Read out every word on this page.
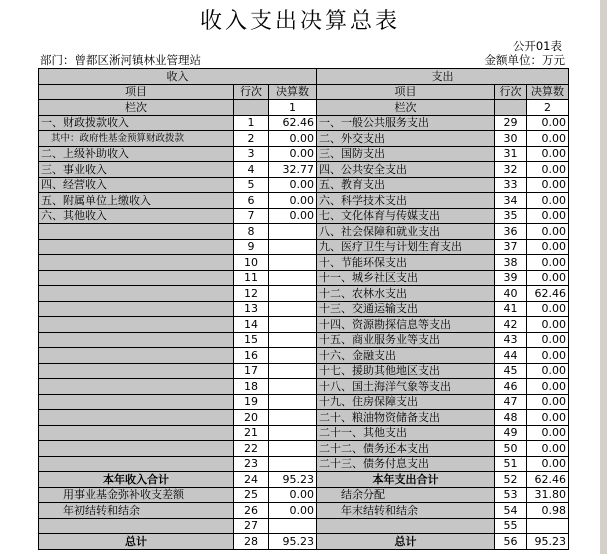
收入支出决算总表
公开01表
部门：曾都区淅河镇林业管理站	金额单位：万元
收入			支出		
项目	行次	决算数	项目	行次	决算数
栏次		1	栏次		2
一、财政拨款收入	1	62.46	一、一般公共服务支出	29	0.00
其中：政府性基金预算财政拨款	2	0.00	二、外交支出	30	0.00
二、上级补助收入	3	0.00	三、国防支出	31	0.00
三、事业收入	4	32.77	四、公共安全支出	32	0.00
四、经营收入	5	0.00	五、教育支出	33	0.00
五、附属单位上缴收入	6	0.00	六、科学技术支出	34	0.00
六、其他收入	7	0.00	七、文化体育与传媒支出	35	0.00
	8		八、社会保障和就业支出	36	0.00
	9		九、医疗卫生与计划生育支出	37	0.00
	10		十、节能环保支出	38	0.00
	11		十一、城乡社区支出	39	0.00
	12		十二、农林水支出	40	62.46
	13		十三、交通运输支出	41	0.00
	14		十四、资源勘探信息等支出	42	0.00
	15		十五、商业服务业等支出	43	0.00
	16		十六、金融支出	44	0.00
	17		十七、援助其他地区支出	45	0.00
	18		十八、国土海洋气象等支出	46	0.00
	19		十九、住房保障支出	47	0.00
	20		二十、粮油物资储备支出	48	0.00
	21		二十一、其他支出	49	0.00
	22		二十二、债务还本支出	50	0.00
	23		二十三、债务付息支出	51	0.00
本年收入合计	24	95.23	本年支出合计	52	62.46
用事业基金弥补收支差额	25	0.00	结余分配	53	31.80
年初结转和结余	26	0.00	年末结转和结余	54	0.98
	27			55	
总计	28	95.23	总计	56	95.23
